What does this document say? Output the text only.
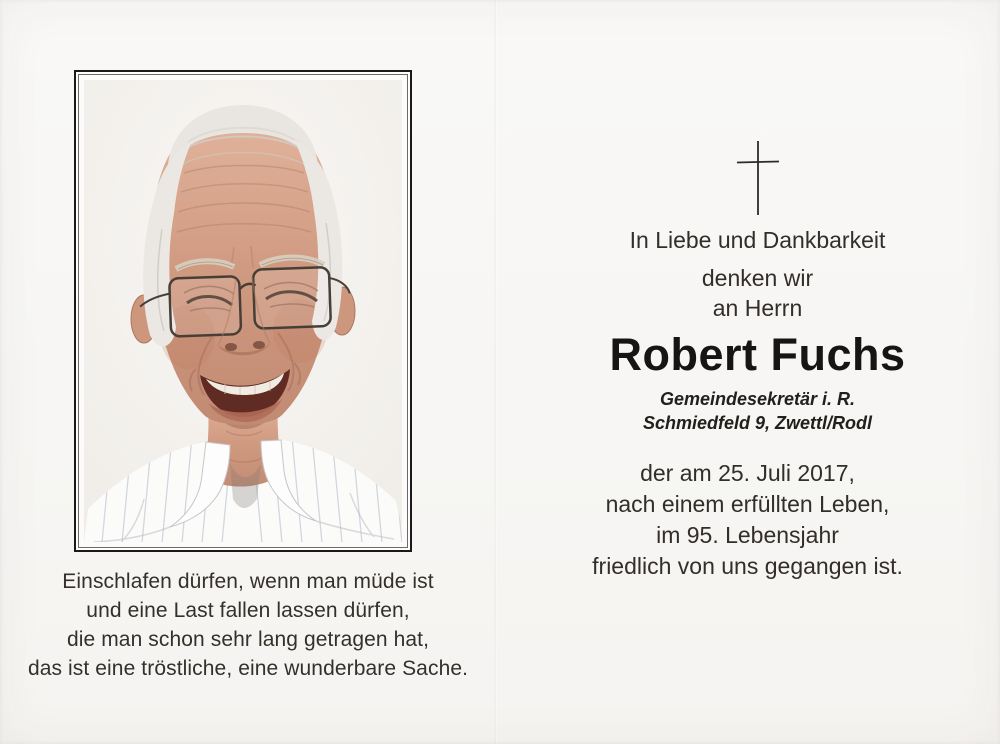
Einschlafen dürfen, wenn man müde ist
und eine Last fallen lassen dürfen,
die man schon sehr lang getragen hat,
das ist eine tröstliche, eine wunderbare Sache.
In Liebe und Dankbarkeit
denken wir
an Herrn
Robert Fuchs
Gemeindesekretär i. R.
Schmiedfeld 9, Zwettl/Rodl
der am 25. Juli 2017,
nach einem erfüllten Leben,
im 95. Lebensjahr
friedlich von uns gegangen ist.
